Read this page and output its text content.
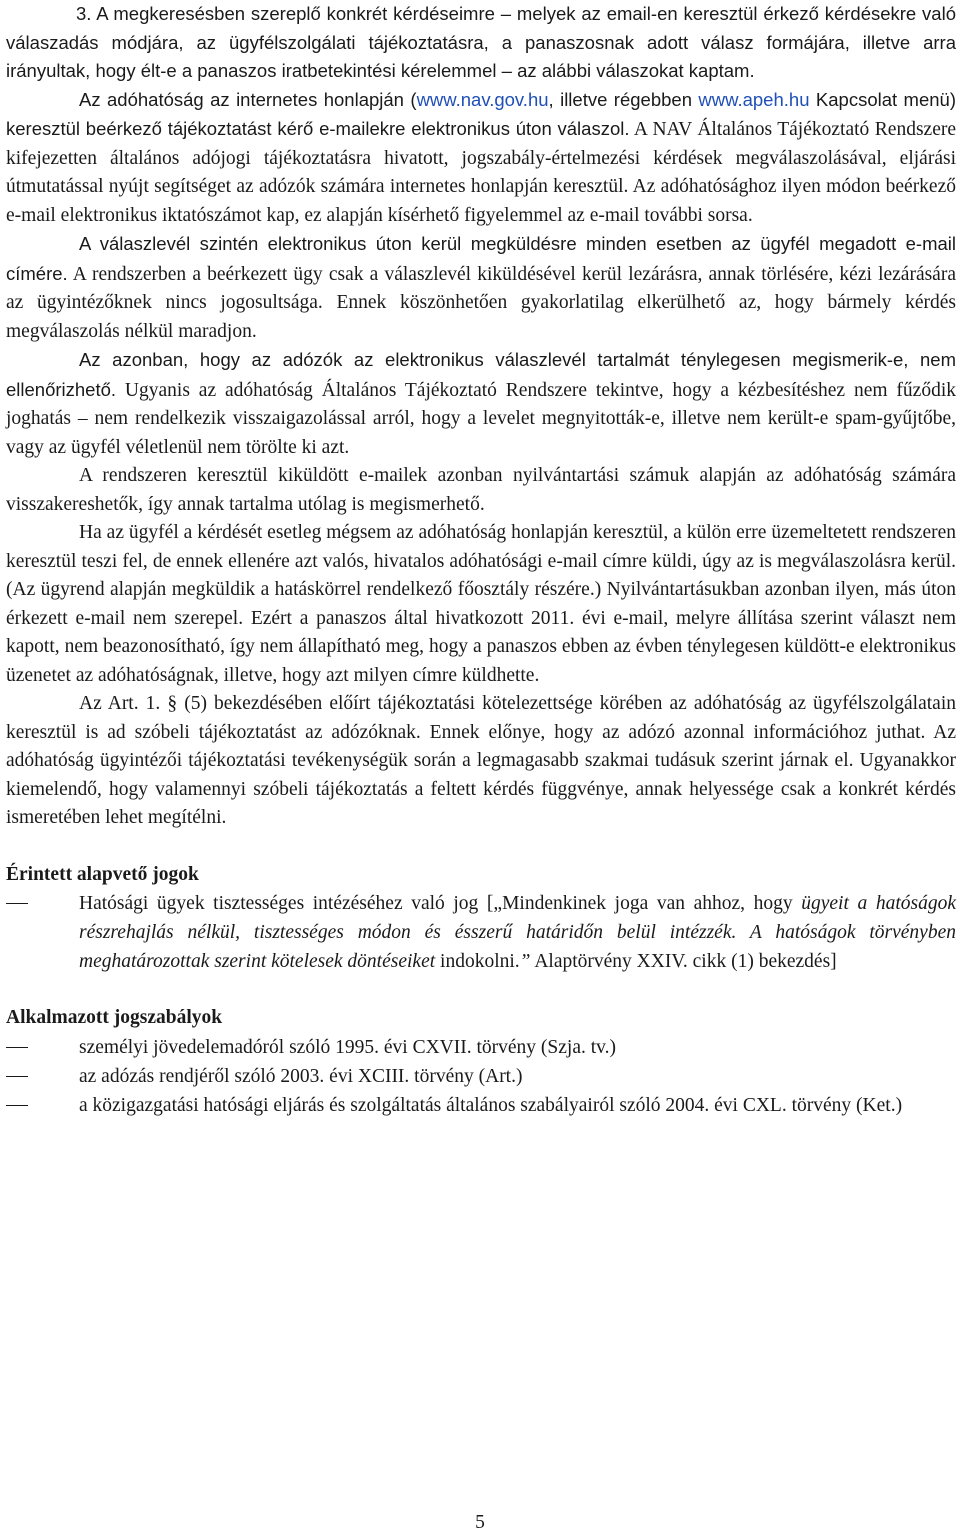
3. A megkeresésben szereplő konkrét kérdéseimre – melyek az email-en keresztül érkező kérdésekre való válaszadás módjára, az ügyfélszolgálati tájékoztatásra, a panaszosnak adott válasz formájára, illetve arra irányultak, hogy élt-e a panaszos iratbetekintési kérelemmel – az alábbi válaszokat kaptam.

Az adóhatóság az internetes honlapján (www.nav.gov.hu, illetve régebben www.apeh.hu Kapcsolat menü) keresztül beérkező tájékoztatást kérő e-mailekre elektronikus úton válaszol. A NAV Általános Tájékoztató Rendszere kifejezetten általános adójogi tájékoztatásra hivatott, jogszabály-értelmezési kérdések megválaszolásával, eljárási útmutatással nyújt segítséget az adózók számára internetes honlapján keresztül. Az adóhatósághoz ilyen módon beérkező e-mail elektronikus iktatószámot kap, ez alapján kísérhető figyelemmel az e-mail további sorsa.

A válaszlevél szintén elektronikus úton kerül megküldésre minden esetben az ügyfél megadott e-mail címére. A rendszerben a beérkezett ügy csak a válaszlevél kiküldésével kerül lezárásra, annak törlésére, kézi lezárására az ügyintézőknek nincs jogosultsága. Ennek köszönhetően gyakorlatilag elkerülhető az, hogy bármely kérdés megválaszolás nélkül maradjon.

Az azonban, hogy az adózók az elektronikus válaszlevél tartalmát ténylegesen megismerik-e, nem ellenőrizhető. Ugyanis az adóhatóság Általános Tájékoztató Rendszere tekintve, hogy a kézbesítéshez nem fűződik joghatás – nem rendelkezik visszaigazolással arról, hogy a levelet megnyitották-e, illetve nem került-e spam-gyűjtőbe, vagy az ügyfél véletlenül nem törölte ki azt.

A rendszeren keresztül kiküldött e-mailek azonban nyilvántartási számuk alapján az adóhatóság számára visszakereshetők, így annak tartalma utólag is megismerhető.

Ha az ügyfél a kérdését esetleg mégsem az adóhatóság honlapján keresztül, a külön erre üzemeltetett rendszeren keresztül teszi fel, de ennek ellenére azt valós, hivatalos adóhatósági e-mail címre küldi, úgy az is megválaszolásra kerül. (Az ügyrend alapján megküldik a hatáskörrel rendelkező főosztály részére.) Nyilvántartásukban azonban ilyen, más úton érkezett e-mail nem szerepel. Ezért a panaszos által hivatkozott 2011. évi e-mail, melyre állítása szerint választ nem kapott, nem beazonosítható, így nem állapítható meg, hogy a panaszos ebben az évben ténylegesen küldött-e elektronikus üzenetet az adóhatóságnak, illetve, hogy azt milyen címre küldhette.

Az Art. 1. § (5) bekezdésében előírt tájékoztatási kötelezettsége körében az adóhatóság az ügyfélszolgálatain keresztül is ad szóbeli tájékoztatást az adózóknak. Ennek előnye, hogy az adózó azonnal információhoz juthat. Az adóhatóság ügyintézői tájékoztatási tevékenységük során a legmagasabb szakmai tudásuk szerint járnak el. Ugyanakkor kiemelendő, hogy valamennyi szóbeli tájékoztatás a feltett kérdés függvénye, annak helyessége csak a konkrét kérdés ismeretében lehet megítélni.

Érintett alapvető jogok

Hatósági ügyek tisztességes intézéséhez való jog [„Mindenkinek joga van ahhoz, hogy ügyeit a hatóságok részrehajlás nélkül, tisztességes módon és ésszerű határidőn belül intézzék. A hatóságok törvényben meghatározottak szerint kötelesek döntéseiket indokolni.” Alaptörvény XXIV. cikk (1) bekezdés]

Alkalmazott jogszabályok

személyi jövedelemadóról szóló 1995. évi CXVII. törvény (Szja. tv.)
az adózás rendjéről szóló 2003. évi XCIII. törvény (Art.)
a közigazgatási hatósági eljárás és szolgáltatás általános szabályairól szóló 2004. évi CXL. törvény (Ket.)
5
